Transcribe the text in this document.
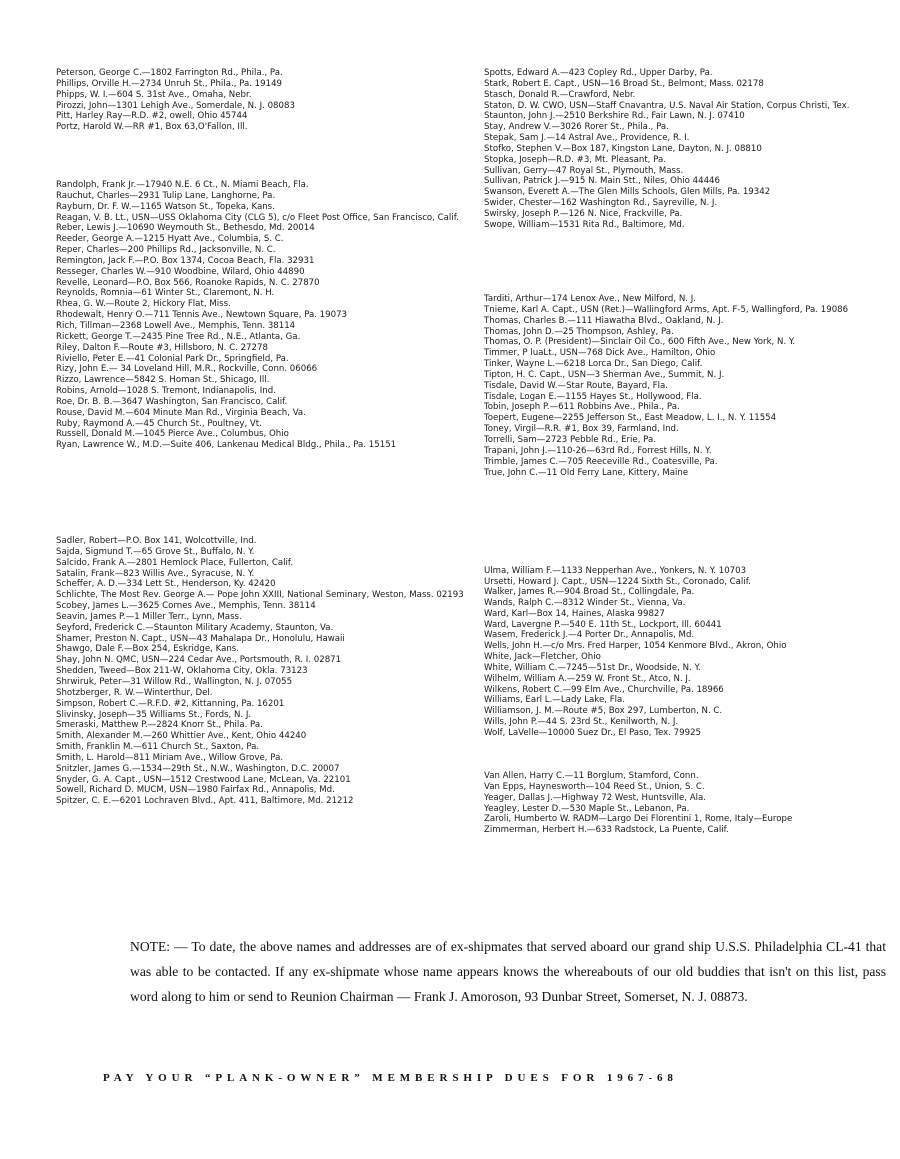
Peterson, George C.—1802 Farrington Rd., Phila., Pa.
Phillips, Orville H.—2734 Unruh St., Phila., Pa. 19149
Phipps, W. I.—604 S. 31st Ave., Omaha, Nebr.
Pirozzi, John—1301 Lehigh Ave., Somerdale, N. J. 08083
Pitt, Harley Ray—R.D. #2, owell, Ohio 45744
Portz, Harold W.—RR #1, Box 63,O'Fallon, Ill.
Randolph, Frank Jr.—17940 N.E. 6 Ct., N. Miami Beach, Fla.
Rauchut, Charles—2931 Tulip Lane, Langhorne, Pa.
Rayburn, Dr. F. W.—1165 Watson St., Topeka, Kans.
Reagan, V. B. Lt., USN—USS Oklahoma City (CLG 5), c/o Fleet Post Office, San Francisco, Calif.
Reber, Lewis J.—10690 Weymouth St., Bethesdo, Md. 20014
Reeder, George A.—1215 Hyatt Ave., Columbia, S. C.
Reper, Charles—200 Phillips Rd., Jacksonville, N. C.
Remington, Jack F.—P.O. Box 1374, Cocoa Beach, Fla. 32931
Resseger, Charles W.—910 Woodbine, Wilard, Ohio 44890
Revelle, Leonard—P.O. Box 566, Roanoke Rapids, N. C. 27870
Reynolds, Romnia—61 Winter St., Claremont, N. H.
Rhea, G. W.—Route 2, Hickory Flat, Miss.
Rhodewalt, Henry O.—711 Tennis Ave., Newtown Square, Pa. 19073
Rich, Tillman—2368 Lowell Ave., Memphis, Tenn. 38114
Rickett, George T.—2435 Pine Tree Rd., N.E., Atlanta, Ga.
Riley, Dalton F.—Route #3, Hillsboro, N. C. 27278
Riviello, Peter E.—41 Colonial Park Dr., Springfield, Pa.
Rizy, John E.— 34 Loveland Hill, M.R., Rockville, Conn. 06066
Rizzo, Lawrence—5842 S. Homan St., Shicago, Ill.
Robins, Arnold—1028 S. Tremont, Indianapolis, Ind.
Roe, Dr. B. B.—3647 Washington, San Francisco, Calif.
Rouse, David M.—604 Minute Man Rd., Virginia Beach, Va.
Ruby, Raymond A.—45 Church St., Poultney, Vt.
Russell, Donald M.—1045 Pierce Ave., Columbus, Ohio
Ryan, Lawrence W., M.D.—Suite 406, Lankenau Medical Bldg., Phila., Pa. 15151
Sadler, Robert—P.O. Box 141, Wolcottville, Ind.
Sajda, Sigmund T.—65 Grove St., Buffalo, N. Y.
Salcido, Frank A.—2801 Hemlock Place, Fullerton, Calif.
Satalin, Frank—823 Willis Ave., Syracuse, N. Y.
Scheffer, A. D.—334 Lett St., Henderson, Ky. 42420
Schlichte, The Most Rev. George A.— Pope John XXIII, National Seminary, Weston, Mass. 02193
Scobey, James L.—3625 Cornes Ave., Memphis, Tenn. 38114
Seavin, James P.—1 Miller Terr., Lynn, Mass.
Seyford, Frederick C.—Staunton Military Academy, Staunton, Va.
Shamer, Preston N. Capt., USN—43 Mahalapa Dr., Honolulu, Hawaii
Shawgo, Dale F.—Box 254, Eskridge, Kans.
Shay, John N. QMC, USN—224 Cedar Ave., Portsmouth, R. I. 02871
Shedden, Tweed—Box 211-W, Oklahoma City, Okla. 73123
Shrwiruk, Peter—31 Willow Rd., Wallington, N. J. 07055
Shotzberger, R. W.—Winterthur, Del.
Simpson, Robert C.—R.F.D. #2, Kittanning, Pa. 16201
Slivinsky, Joseph—35 Williams St., Fords, N. J.
Smeraski, Matthew P.—2824 Knorr St., Phila. Pa.
Smith, Alexander M.—260 Whittier Ave., Kent, Ohio 44240
Smith, Franklin M.—611 Church St., Saxton, Pa.
Smith, L. Harold—811 Miriam Ave., Willow Grove, Pa.
Snitzler, James G.—1534—29th St., N.W., Washington, D.C. 20007
Snyder, G. A. Capt., USN—1512 Crestwood Lane, McLean, Va. 22101
Sowell, Richard D. MUCM, USN—1980 Fairfax Rd., Annapolis, Md.
Spitzer, C. E.—6201 Lochraven Blvd., Apt. 411, Baltimore, Md. 21212
Spotts, Edward A.—423 Copley Rd., Upper Darby, Pa.
Stark, Robert E. Capt., USN—16 Broad St., Belmont, Mass. 02178
Stasch, Donald R.—Crawford, Nebr.
Staton, D. W. CWO, USN—Staff Cnavantra, U.S. Naval Air Station, Corpus Christi, Tex.
Staunton, John J.—2510 Berkshire Rd., Fair Lawn, N. J. 07410
Stay, Andrew V.—3026 Rorer St., Phila., Pa.
Stepak, Sam J.—14 Astral Ave., Providence, R. I.
Stofko, Stephen V.—Box 187, Kingston Lane, Dayton, N. J. 08810
Stopka, Joseph—R.D. #3, Mt. Pleasant, Pa.
Sullivan, Gerry—47 Royal St., Plymouth, Mass.
Sullivan, Patrick J.—915 N. Main Stt., Niles, Ohio 44446
Swanson, Everett A.—The Glen Mills Schools, Glen Mills, Pa. 19342
Swider, Chester—162 Washington Rd., Sayreville, N. J.
Swirsky, Joseph P.—126 N. Nice, Frackville, Pa.
Swope, William—1531 Rita Rd., Baltimore, Md.
Tarditi, Arthur—174 Lenox Ave., New Milford, N. J.
Tnieme, Karl A. Capt., USN (Ret.)—Wallingford Arms, Apt. F-5, Wallingford, Pa. 19086
Thomas, Charles B.—111 Hiawatha Blvd., Oakland, N. J.
Thomas, John D.—25 Thompson, Ashley, Pa.
Thomas, O. P. (President)—Sinclair Oil Co., 600 Fifth Ave., New York, N. Y.
Timmer, P luaLt., USN—768 Dick Ave., Hamilton, Ohio
Tinker, Wayne L.—6218 Lorca Dr., San Diego, Calif.
Tipton, H. C. Capt., USN—3 Sherman Ave., Summit, N. J.
Tisdale, David W.—Star Route, Bayard, Fla.
Tisdale, Logan E.—1155 Hayes St., Hollywood, Fla.
Tobin, Joseph P.—611 Robbins Ave., Phila., Pa.
Toepert, Eugene—2255 Jefferson St., East Meadow, L. I., N. Y. 11554
Toney, Virgil—R.R. #1, Box 39, Farmland, Ind.
Torrelli, Sam—2723 Pebble Rd., Erie, Pa.
Trapani, John J.—110-26—63rd Rd., Forrest Hills, N. Y.
Trimble, James C.—705 Reeceville Rd., Coatesville, Pa.
True, John C.—11 Old Ferry Lane, Kittery, Maine
Ulma, William F.—1133 Nepperhan Ave., Yonkers, N. Y. 10703
Ursetti, Howard J. Capt., USN—1224 Sixth St., Coronado, Calif.
Walker, James R.—904 Broad St., Collingdale, Pa.
Wands, Ralph C.—8312 Winder St., Vienna, Va.
Ward, Karl—Box 14, Haines, Alaska 99827
Ward, Lavergne P.—540 E. 11th St., Lockport, Ill. 60441
Wasem, Frederick J.—4 Porter Dr., Annapolis, Md.
Wells, John H.—c/o Mrs. Fred Harper, 1054 Kenmore Blvd., Akron, Ohio
White, Jack—Fletcher, Ohio
White, William C.—7245—51st Dr., Woodside, N. Y.
Wilhelm, William A.—259 W. Front St., Atco, N. J.
Wilkens, Robert C.—99 Elm Ave., Churchville, Pa. 18966
Williams, Earl L.—Lady Lake, Fla.
Williamson, J. M.—Route #5, Box 297, Lumberton, N. C.
Wills, John P.—44 S. 23rd St., Kenilworth, N. J.
Wolf, LaVelle—10000 Suez Dr., El Paso, Tex. 79925
Van Allen, Harry C.—11 Borglum, Stamford, Conn.
Van Epps, Haynesworth—104 Reed St., Union, S. C.
Yeager, Dallas J.—Highway 72 West, Huntsville, Ala.
Yeagley, Lester D.—530 Maple St., Lebanon, Pa.
Zaroli, Humberto W. RADM—Largo Dei Florentini 1, Rome, Italy—Europe
Zimmerman, Herbert H.—633 Radstock, La Puente, Calif.

NOTE: — To date, the above names and addresses are of ex-shipmates that served aboard our grand ship U.S.S. Philadelphia CL-41 that was able to be contacted. If any ex-shipmate whose name appears knows the whereabouts of our old buddies that isn't on this list, pass word along to him or send to Reunion Chairman — Frank J. Amoroson, 93 Dunbar Street, Somerset, N. J. 08873.

PAY YOUR “PLANK-OWNER” MEMBERSHIP DUES FOR 1967-68
